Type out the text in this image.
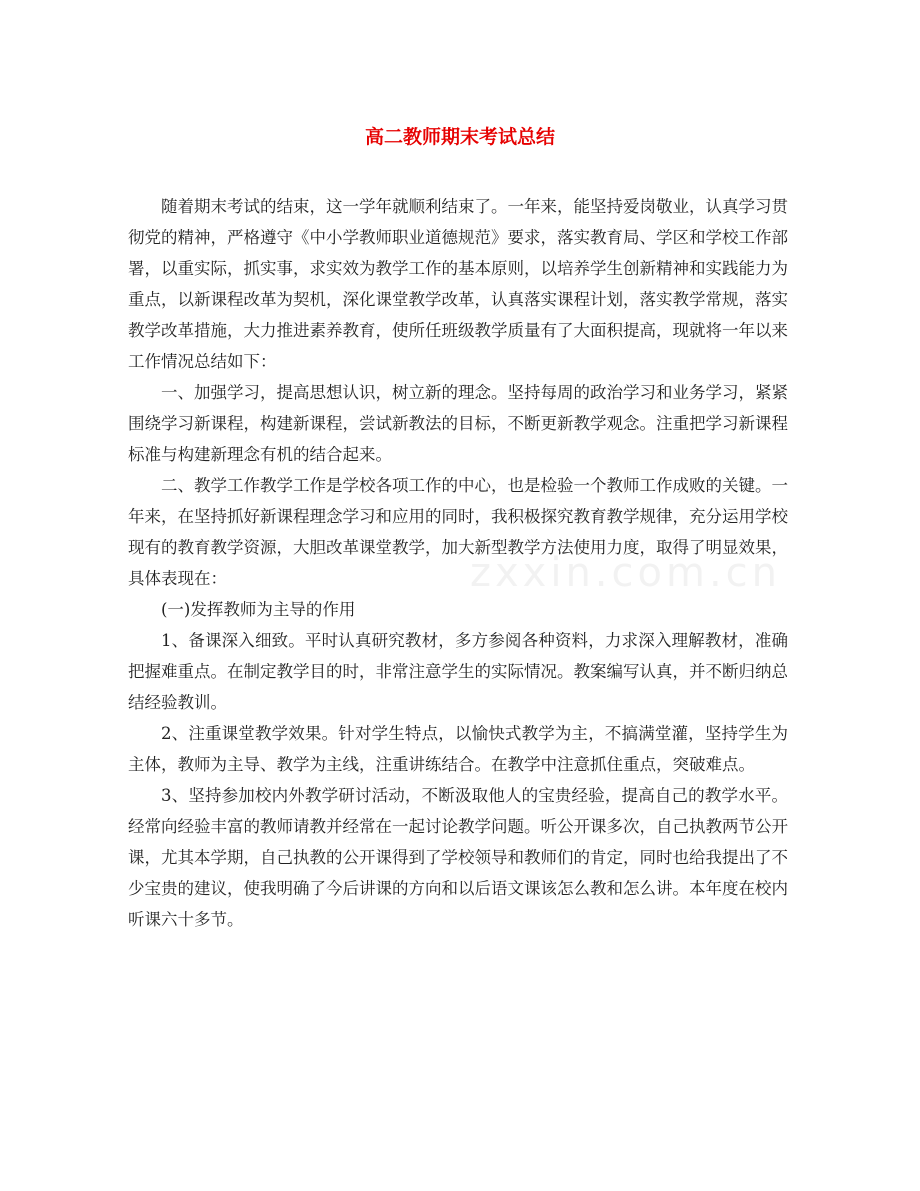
zxxin.com.cn
高二教师期末考试总结

随着期末考试的结束，这一学年就顺利结束了。一年来，能坚持爱岗敬业，认真学习贯彻党的精神，严格遵守《中小学教师职业道德规范》要求，落实教育局、学区和学校工作部署，以重实际，抓实事，求实效为教学工作的基本原则，以培养学生创新精神和实践能力为重点，以新课程改革为契机，深化课堂教学改革，认真落实课程计划，落实教学常规，落实教学改革措施，大力推进素养教育，使所任班级教学质量有了大面积提高，现就将一年以来工作情况总结如下：

一、加强学习，提高思想认识，树立新的理念。坚持每周的政治学习和业务学习，紧紧围绕学习新课程，构建新课程，尝试新教法的目标，不断更新教学观念。注重把学习新课程标准与构建新理念有机的结合起来。

二、教学工作教学工作是学校各项工作的中心，也是检验一个教师工作成败的关键。一年来，在坚持抓好新课程理念学习和应用的同时，我积极探究教育教学规律，充分运用学校现有的教育教学资源，大胆改革课堂教学，加大新型教学方法使用力度，取得了明显效果，具体表现在：

(一)发挥教师为主导的作用

1、备课深入细致。平时认真研究教材，多方参阅各种资料，力求深入理解教材，准确把握难重点。在制定教学目的时，非常注意学生的实际情况。教案编写认真，并不断归纳总结经验教训。

2、注重课堂教学效果。针对学生特点，以愉快式教学为主，不搞满堂灌，坚持学生为主体，教师为主导、教学为主线，注重讲练结合。在教学中注意抓住重点，突破难点。

3、坚持参加校内外教学研讨活动，不断汲取他人的宝贵经验，提高自己的教学水平。经常向经验丰富的教师请教并经常在一起讨论教学问题。听公开课多次，自己执教两节公开课，尤其本学期，自己执教的公开课得到了学校领导和教师们的肯定，同时也给我提出了不少宝贵的建议，使我明确了今后讲课的方向和以后语文课该怎么教和怎么讲。本年度在校内听课六十多节。
